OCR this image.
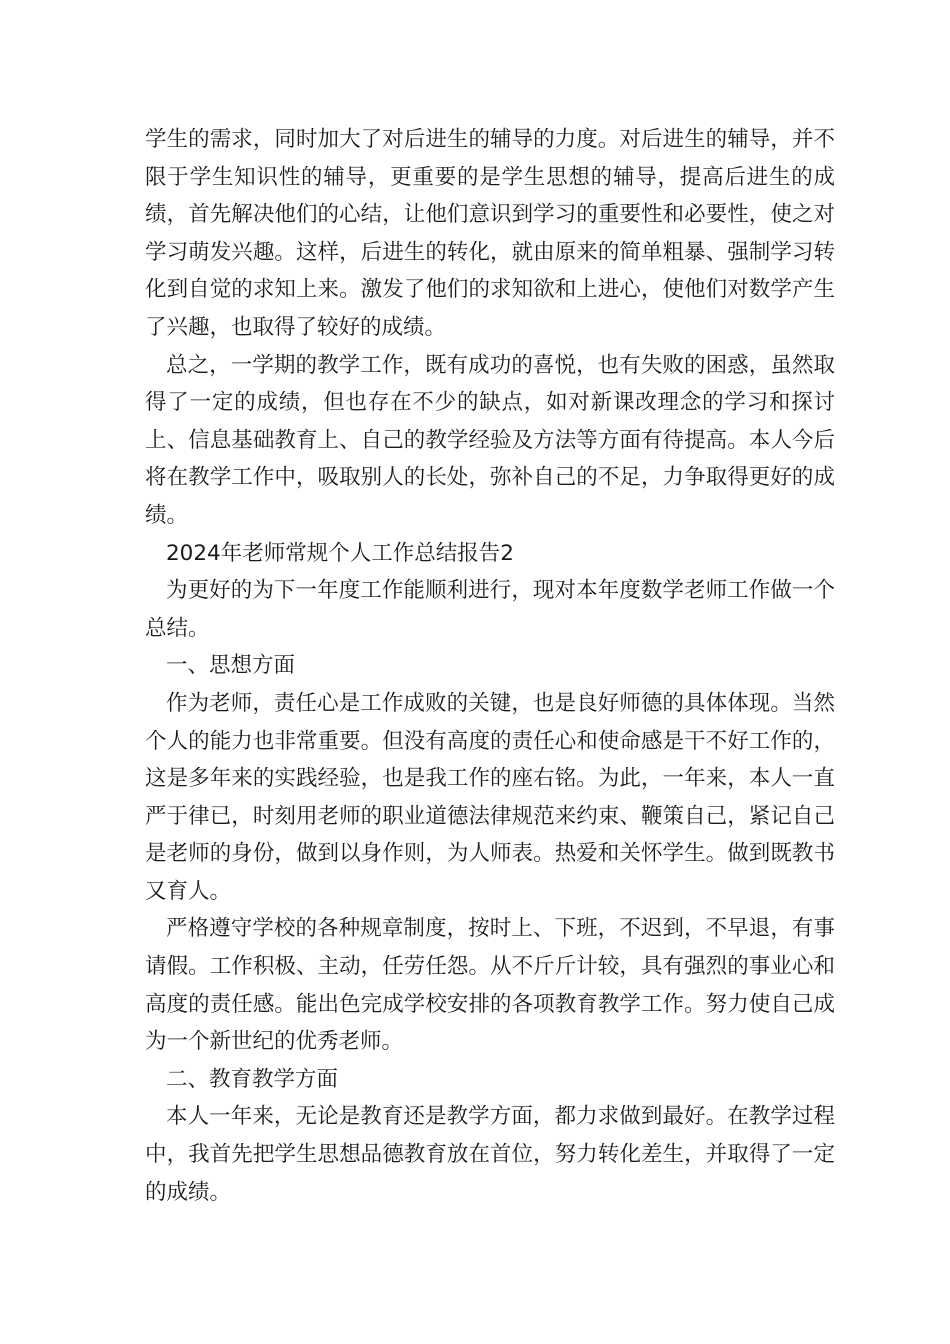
学生的需求，同时加大了对后进生的辅导的力度。对后进生的辅导，并不限于学生知识性的辅导，更重要的是学生思想的辅导，提高后进生的成绩，首先解决他们的心结，让他们意识到学习的重要性和必要性，使之对学习萌发兴趣。这样，后进生的转化，就由原来的简单粗暴、强制学习转化到自觉的求知上来。激发了他们的求知欲和上进心，使他们对数学产生了兴趣，也取得了较好的成绩。

总之，一学期的教学工作，既有成功的喜悦，也有失败的困惑，虽然取得了一定的成绩，但也存在不少的缺点，如对新课改理念的学习和探讨上、信息基础教育上、自己的教学经验及方法等方面有待提高。本人今后将在教学工作中，吸取别人的长处，弥补自己的不足，力争取得更好的成绩。

2024年老师常规个人工作总结报告2

为更好的为下一年度工作能顺利进行，现对本年度数学老师工作做一个总结。

一、思想方面

作为老师，责任心是工作成败的关键，也是良好师德的具体体现。当然个人的能力也非常重要。但没有高度的责任心和使命感是干不好工作的，这是多年来的实践经验，也是我工作的座右铭。为此，一年来，本人一直严于律已，时刻用老师的职业道德法律规范来约束、鞭策自己，紧记自己是老师的身份，做到以身作则，为人师表。热爱和关怀学生。做到既教书又育人。

严格遵守学校的各种规章制度，按时上、下班，不迟到，不早退，有事请假。工作积极、主动，任劳任怨。从不斤斤计较，具有强烈的事业心和高度的责任感。能出色完成学校安排的各项教育教学工作。努力使自己成为一个新世纪的优秀老师。

二、教育教学方面

本人一年来，无论是教育还是教学方面，都力求做到最好。在教学过程中，我首先把学生思想品德教育放在首位，努力转化差生，并取得了一定的成绩。
